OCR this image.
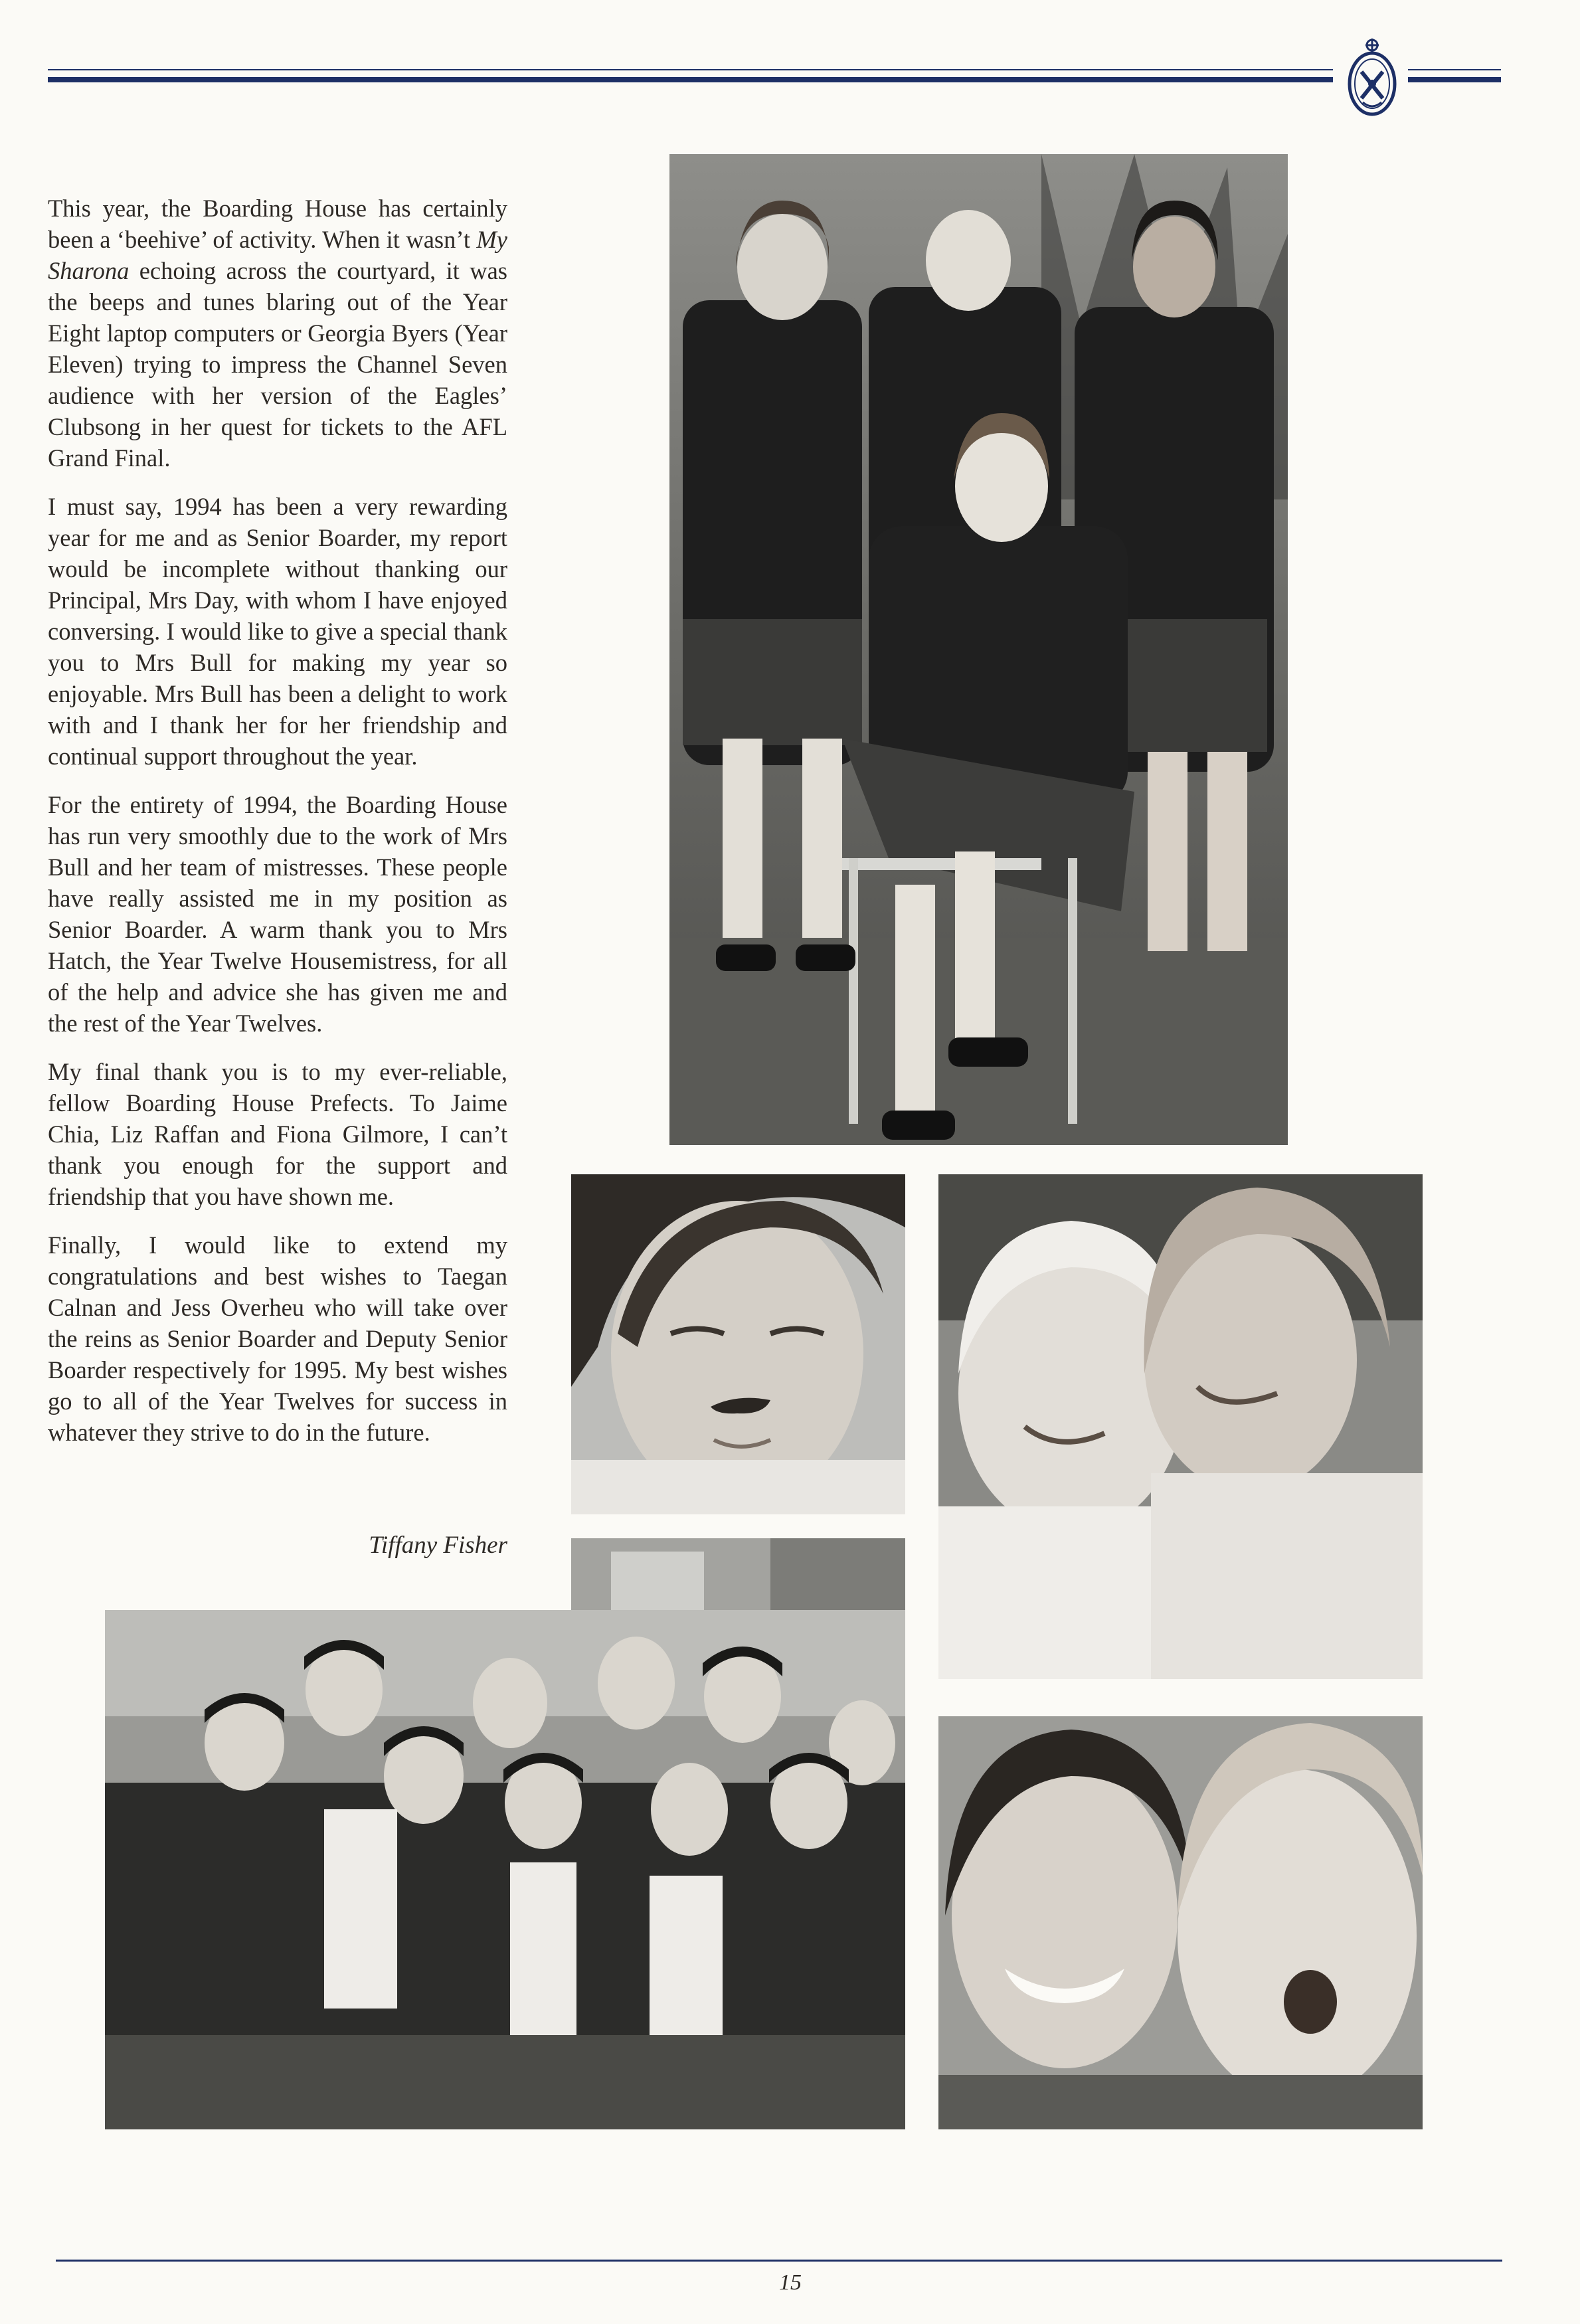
This year, the Boarding House has certainly been a ‘beehive’ of activity. When it wasn’t My Sharona echoing across the courtyard, it was the beeps and tunes blaring out of the Year Eight laptop computers or Georgia Byers (Year Eleven) trying to impress the Channel Seven audience with her version of the Eagles’ Clubsong in her quest for tickets to the AFL Grand Final.

I must say, 1994 has been a very rewarding year for me and as Senior Boarder, my report would be incomplete without thanking our Principal, Mrs Day, with whom I have enjoyed conversing. I would like to give a special thank you to Mrs Bull for making my year so enjoyable. Mrs Bull has been a delight to work with and I thank her for her friendship and continual support throughout the year.

For the entirety of 1994, the Boarding House has run very smoothly due to the work of Mrs Bull and her team of mistresses. These people have really assisted me in my position as Senior Boarder. A warm thank you to Mrs Hatch, the Year Twelve Housemistress, for all of the help and advice she has given me and the rest of the Year Twelves.

My final thank you is to my ever-reliable, fellow Boarding House Prefects. To Jaime Chia, Liz Raffan and Fiona Gilmore, I can’t thank you enough for the support and friendship that you have shown me.

Finally, I would like to extend my congratulations and best wishes to Taegan Calnan and Jess Overheu who will take over the reins as Senior Boarder and Deputy Senior Boarder respectively for 1995. My best wishes go to all of the Year Twelves for success in whatever they strive to do in the future.

Tiffany Fisher
15
